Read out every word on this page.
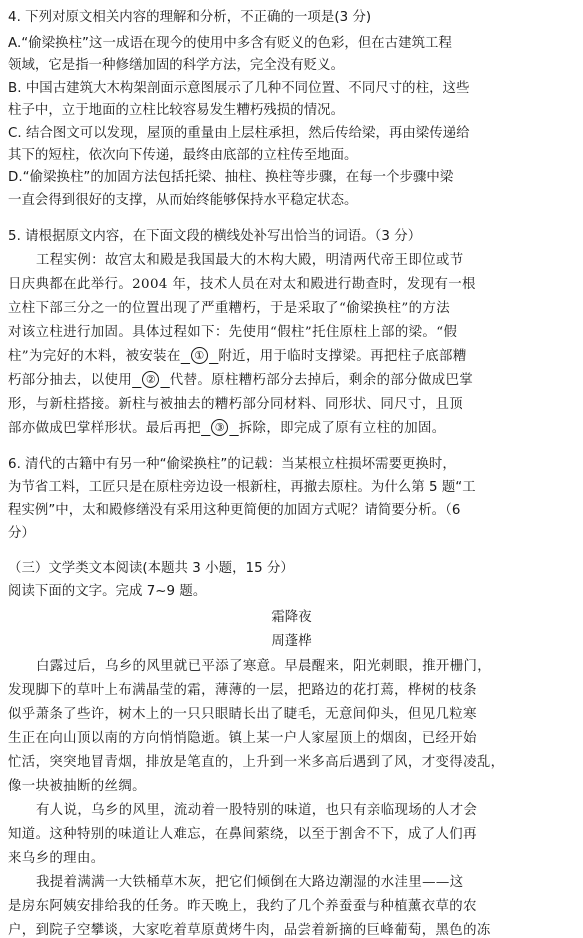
4. 下列对原文相关内容的理解和分析，不正确的一项是(3 分)
A.“偷梁换柱”这一成语在现今的使用中多含有贬义的色彩，但在古建筑工程
领域，它是指一种修缮加固的科学方法，完全没有贬义。
B. 中国古建筑大木构架剖面示意图展示了几种不同位置、不同尺寸的柱，这些
柱子中，立于地面的立柱比较容易发生糟朽残损的情况。
C. 结合图文可以发现，屋顶的重量由上层柱承担，然后传给梁，再由梁传递给
其下的短柱，依次向下传递，最终由底部的立柱传至地面。
D.“偷梁换柱”的加固方法包括托梁、抽柱、换柱等步骤，在每一个步骤中梁
一直会得到很好的支撑，从而始终能够保持水平稳定状态。
5. 请根据原文内容，在下面文段的横线处补写出恰当的词语。（3 分）
工程实例：故宫太和殿是我国最大的木构大殿，明清两代帝王即位或节
日庆典都在此举行。2004 年，技术人员在对太和殿进行勘查时，发现有一根
立柱下部三分之一的位置出现了严重糟朽，于是采取了“偷梁换柱”的方法
对该立柱进行加固。具体过程如下：先使用“假柱”托住原柱上部的梁。“假
柱”为完好的木料，被安装在 ① 附近，用于临时支撑梁。再把柱子底部糟
朽部分抽去，以使用 ② 代替。原柱糟朽部分去掉后，剩余的部分做成巴掌
形，与新柱搭接。新柱与被抽去的糟朽部分同材料、同形状、同尺寸，且顶
部亦做成巴掌样形状。最后再把 ③ 拆除，即完成了原有立柱的加固。
6. 清代的古籍中有另一种“偷梁换柱”的记载：当某根立柱损坏需要更换时，
为节省工料，工匠只是在原柱旁边设一根新柱，再撤去原柱。为什么第 5 题“工
程实例”中，太和殿修缮没有采用这种更简便的加固方式呢？请简要分析。（6
分）
（三）文学类文本阅读(本题共 3 小题，15 分）
阅读下面的文字。完成 7~9 题。
霜降夜
周蓬桦
白露过后，乌乡的风里就已平添了寒意。早晨醒来，阳光刺眼，推开栅门，
发现脚下的草叶上布满晶莹的霜，薄薄的一层，把路边的花打蔫，桦树的枝条
似乎萧条了些许，树木上的一只只眼睛长出了睫毛，无意间仰头，但见几粒寒
生正在向山顶以南的方向悄悄隐逝。镇上某一户人家屋顶上的烟囱，已经开始
忙活，突突地冒青烟，排放是笔直的，上升到一米多高后遇到了风，才变得凌乱，
像一块被抽断的丝绸。
有人说，乌乡的风里，流动着一股特别的味道，也只有亲临现场的人才会
知道。这种特别的味道让人难忘，在鼻间萦绕，以至于割舍不下，成了人们再
来乌乡的理由。
我提着满满一大铁桶草木灰，把它们倾倒在大路边潮湿的水洼里——这
是房东阿姨安排给我的任务。昨天晚上，我约了几个养蚕蚕与种植薰衣草的农
户，到院子空攀谈，大家吃着草原黄烤牛肉，品尝着新摘的巨峰葡萄，黑色的冻
